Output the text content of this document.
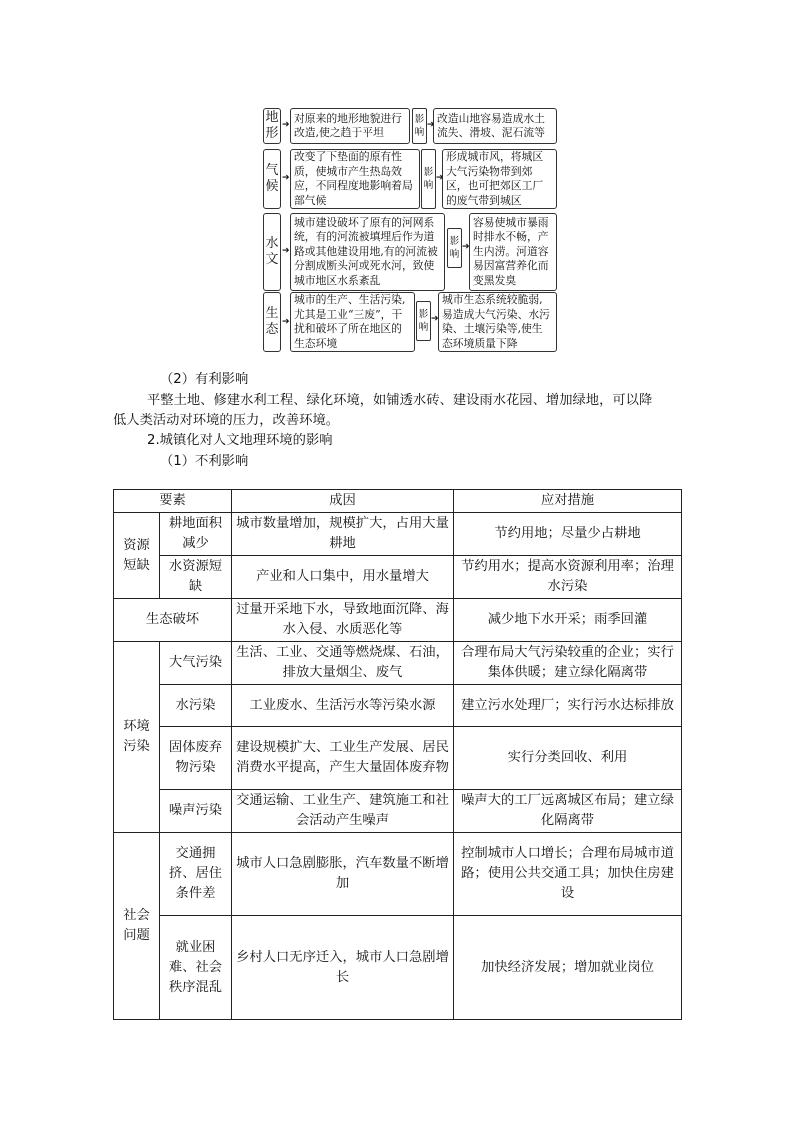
地
形
➔
对原来的地形地貌进行改造,使之趋于平坦
影
响
➔
改造山地容易造成水土流失、滑坡、泥石流等
气
候
➔
改变了下垫面的原有性质，使城市产生热岛效应，不同程度地影响着局部气候
影
响
➔
形成城市风，将城区大气污染物带到郊区，也可把郊区工厂的废气带到城区
水
文
➔
城市建设破坏了原有的河网系统，有的河流被填埋后作为道路或其他建设用地,有的河流被分割成断头河或死水河，致使城市地区水系紊乱
影
响
➔
容易使城市暴雨时排水不畅，产生内涝。河道容易因富营养化而变黑发臭
生
态 ➔
城市的生产、生活污染,尤其是工业“三废”，干扰和破坏了所在地区的生态环境
影
响
➔
城市生态系统较脆弱,易造成大气污染、水污染、土壤污染等,使生态环境质量下降
（2）有利影响
平整土地、修建水利工程、绿化环境，如铺透水砖、建设雨水花园、增加绿地，可以降
低人类活动对环境的压力，改善环境。
2.城镇化对人文地理环境的影响
（1）不利影响
要素		成因	应对措施
资源短缺	耕地面积减少	城市数量增加，规模扩大，占用大量耕地	节约用地；尽量少占耕地
	水资源短缺	产业和人口集中，用水量增大	节约用水；提高水资源利用率；治理水污染
生态破坏		过量开采地下水，导致地面沉降、海水入侵、水质恶化等	减少地下水开采；雨季回灌
环境污染	大气污染	生活、工业、交通等燃烧煤、石油，排放大量烟尘、废气	合理布局大气污染较重的企业；实行集体供暖；建立绿化隔离带
	水污染	工业废水、生活污水等污染水源	建立污水处理厂；实行污水达标排放
	固体废弃物污染	建设规模扩大、工业生产发展、居民消费水平提高，产生大量固体废弃物	实行分类回收、利用
	噪声污染	交通运输、工业生产、建筑施工和社会活动产生噪声	噪声大的工厂远离城区布局；建立绿化隔离带
社会问题	交通拥挤、居住条件差	城市人口急剧膨胀，汽车数量不断增加	控制城市人口增长；合理布局城市道路；使用公共交通工具；加快住房建设
	就业困难、社会秩序混乱	乡村人口无序迁入，城市人口急剧增长	加快经济发展；增加就业岗位
